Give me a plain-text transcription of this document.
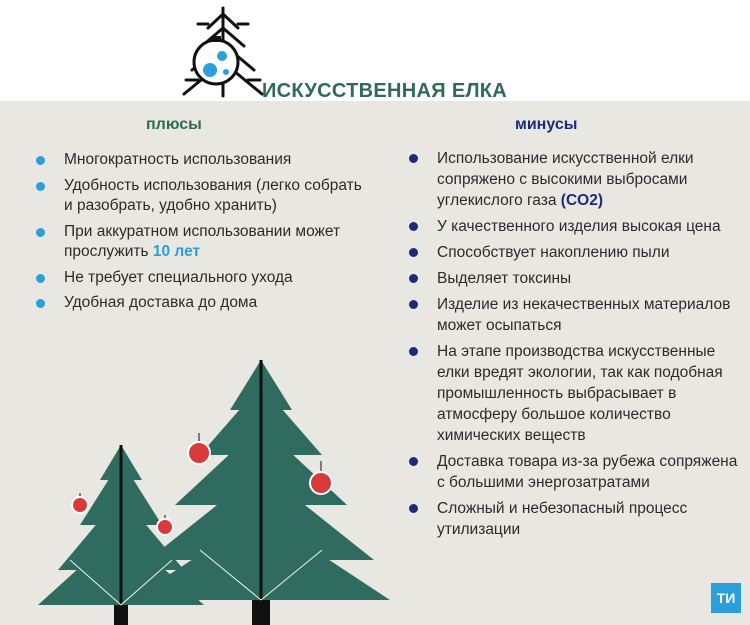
ИСКУССТВЕННАЯ ЕЛКА
плюсы	минусы
Многократность использования
Удобность использования (легко собрать и разобрать, удобно хранить)
При аккуратном использовании может прослужить 10 лет
Не требует специального ухода
Удобная доставка до дома
Использование искусственной елки сопряжено с высокими выбросами углекислого газа (CO2)
У качественного изделия высокая цена
Способствует накоплению пыли
Выделяет токсины
Изделие из некачественных материалов может осыпаться
На этапе производства искусственные елки вредят экологии, так как подобная промышленность выбрасывает в атмосферу большое количество химических веществ
Доставка товара из-за рубежа сопряжена с большими энергозатратами
Сложный и небезопасный процесс утилизации
ТИ
